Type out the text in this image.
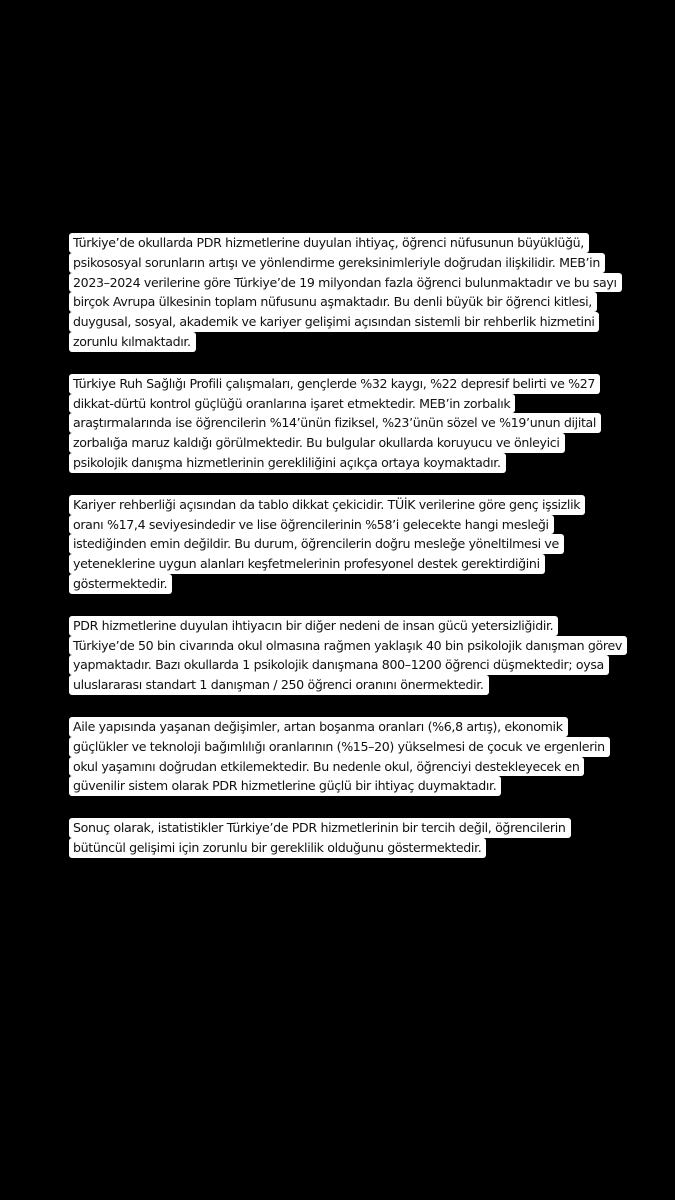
Türkiye’de okullarda PDR hizmetlerine duyulan ihtiyaç, öğrenci nüfusunun büyüklüğü,
psikososyal sorunların artışı ve yönlendirme gereksinimleriyle doğrudan ilişkilidir. MEB’in
2023–2024 verilerine göre Türkiye’de 19 milyondan fazla öğrenci bulunmaktadır ve bu sayı
birçok Avrupa ülkesinin toplam nüfusunu aşmaktadır. Bu denli büyük bir öğrenci kitlesi,
duygusal, sosyal, akademik ve kariyer gelişimi açısından sistemli bir rehberlik hizmetini
zorunlu kılmaktadır.
Türkiye Ruh Sağlığı Profili çalışmaları, gençlerde %32 kaygı, %22 depresif belirti ve %27
dikkat-dürtü kontrol güçlüğü oranlarına işaret etmektedir. MEB’in zorbalık
araştırmalarında ise öğrencilerin %14’ünün fiziksel, %23’ünün sözel ve %19’unun dijital
zorbalığa maruz kaldığı görülmektedir. Bu bulgular okullarda koruyucu ve önleyici
psikolojik danışma hizmetlerinin gerekliliğini açıkça ortaya koymaktadır.
Kariyer rehberliği açısından da tablo dikkat çekicidir. TÜİK verilerine göre genç işsizlik
oranı %17,4 seviyesindedir ve lise öğrencilerinin %58’i gelecekte hangi mesleği
istediğinden emin değildir. Bu durum, öğrencilerin doğru mesleğe yöneltilmesi ve
yeteneklerine uygun alanları keşfetmelerinin profesyonel destek gerektirdiğini
göstermektedir.
PDR hizmetlerine duyulan ihtiyacın bir diğer nedeni de insan gücü yetersizliğidir.
Türkiye’de 50 bin civarında okul olmasına rağmen yaklaşık 40 bin psikolojik danışman görev
yapmaktadır. Bazı okullarda 1 psikolojik danışmana 800–1200 öğrenci düşmektedir; oysa
uluslararası standart 1 danışman / 250 öğrenci oranını önermektedir.
Aile yapısında yaşanan değişimler, artan boşanma oranları (%6,8 artış), ekonomik
güçlükler ve teknoloji bağımlılığı oranlarının (%15–20) yükselmesi de çocuk ve ergenlerin
okul yaşamını doğrudan etkilemektedir. Bu nedenle okul, öğrenciyi destekleyecek en
güvenilir sistem olarak PDR hizmetlerine güçlü bir ihtiyaç duymaktadır.
Sonuç olarak, istatistikler Türkiye’de PDR hizmetlerinin bir tercih değil, öğrencilerin
bütüncül gelişimi için zorunlu bir gereklilik olduğunu göstermektedir.
